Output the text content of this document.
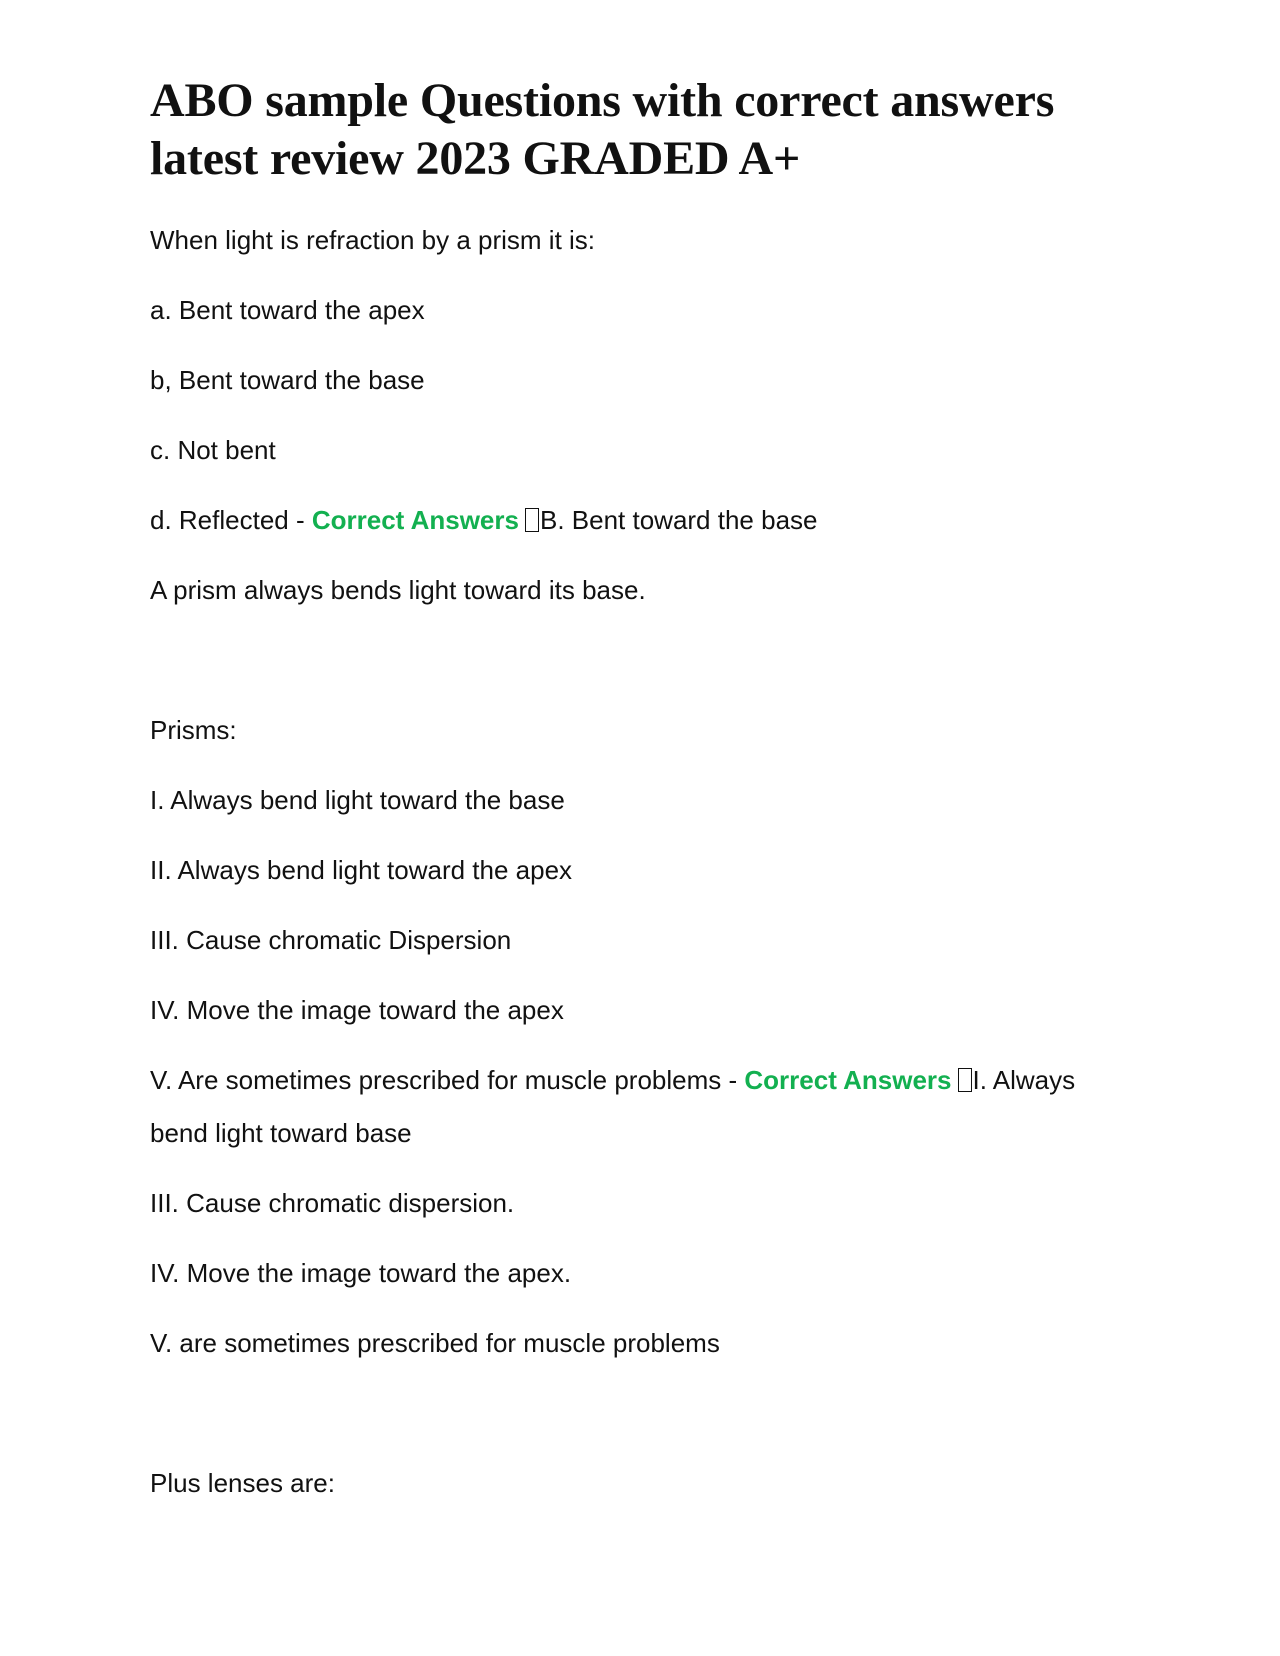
ABO sample Questions with correct answers latest review 2023 GRADED A+

When light is refraction by a prism it is:

a. Bent toward the apex

b, Bent toward the base

c. Not bent

d. Reflected - Correct Answers B. Bent toward the base

A prism always bends light toward its base.

Prisms:

I. Always bend light toward the base

II. Always bend light toward the apex

III. Cause chromatic Dispersion

IV. Move the image toward the apex

V. Are sometimes prescribed for muscle problems - Correct Answers I. Always bend light toward base

III. Cause chromatic dispersion.

IV. Move the image toward the apex.

V. are sometimes prescribed for muscle problems

Plus lenses are:
